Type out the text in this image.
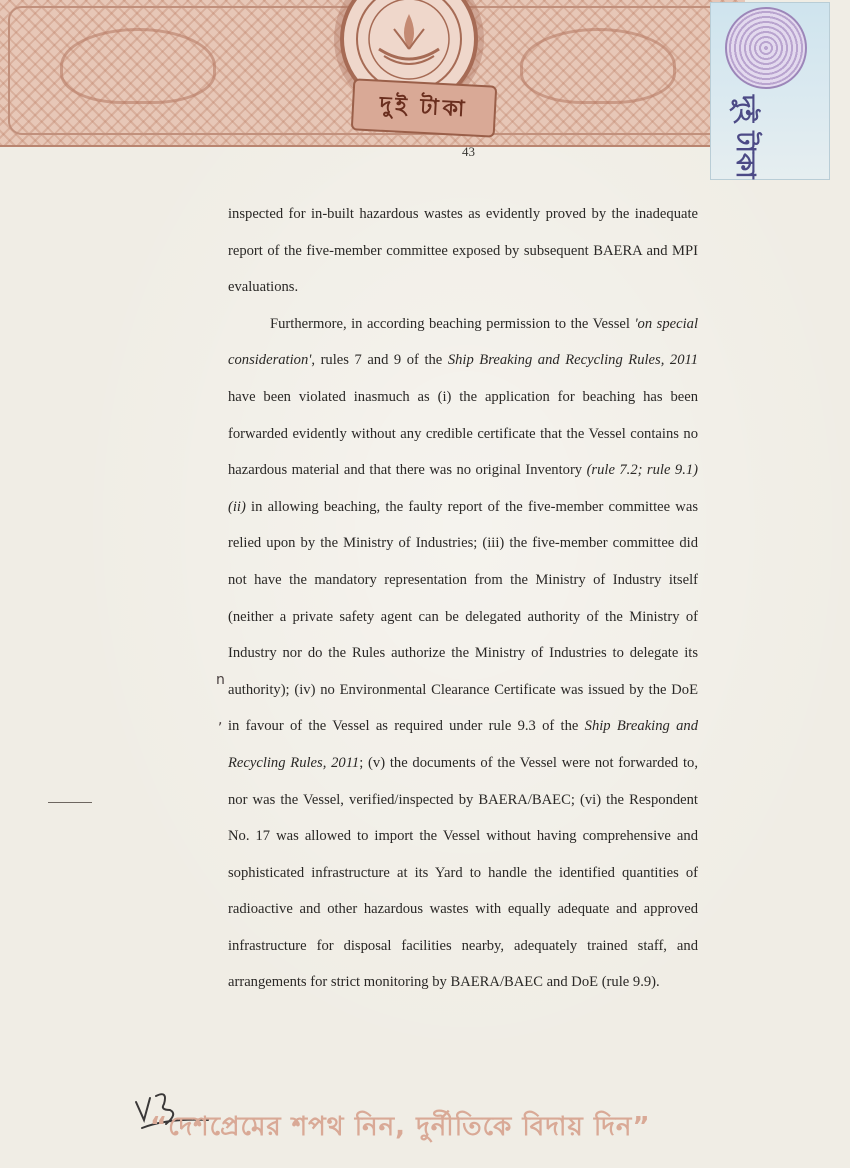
দুই টাকা	দুই টাকা
43

inspected for in-built hazardous wastes as evidently proved by the inadequate report of the five-member committee exposed by subsequent BAERA and MPI evaluations.

Furthermore, in according beaching permission to the Vessel 'on special consideration', rules 7 and 9 of the Ship Breaking and Recycling Rules, 2011 have been violated inasmuch as (i) the application for beaching has been forwarded evidently without any credible certificate that the Vessel contains no hazardous material and that there was no original Inventory (rule 7.2; rule 9.1) (ii) in allowing beaching, the faulty report of the five-member committee was relied upon by the Ministry of Industries; (iii) the five-member committee did not have the mandatory representation from the Ministry of Industry itself (neither a private safety agent can be delegated authority of the Ministry of Industry nor do the Rules authorize the Ministry of Industries to delegate its authority); (iv) no Environmental Clearance Certificate was issued by the DoE in favour of the Vessel as required under rule 9.3 of the Ship Breaking and Recycling Rules, 2011; (v) the documents of the Vessel were not forwarded to, nor was the Vessel, verified/inspected by BAERA/BAEC; (vi) the Respondent No. 17 was allowed to import the Vessel without having comprehensive and sophisticated infrastructure at its Yard to handle the identified quantities of radioactive and other hazardous wastes with equally adequate and approved infrastructure for disposal facilities nearby, adequately trained staff, and arrangements for strict monitoring by BAERA/BAEC and DoE (rule 9.9).

n
,
“দেশপ্রেমের শপথ নিন, দুর্নীতিকে বিদায় দিন”
